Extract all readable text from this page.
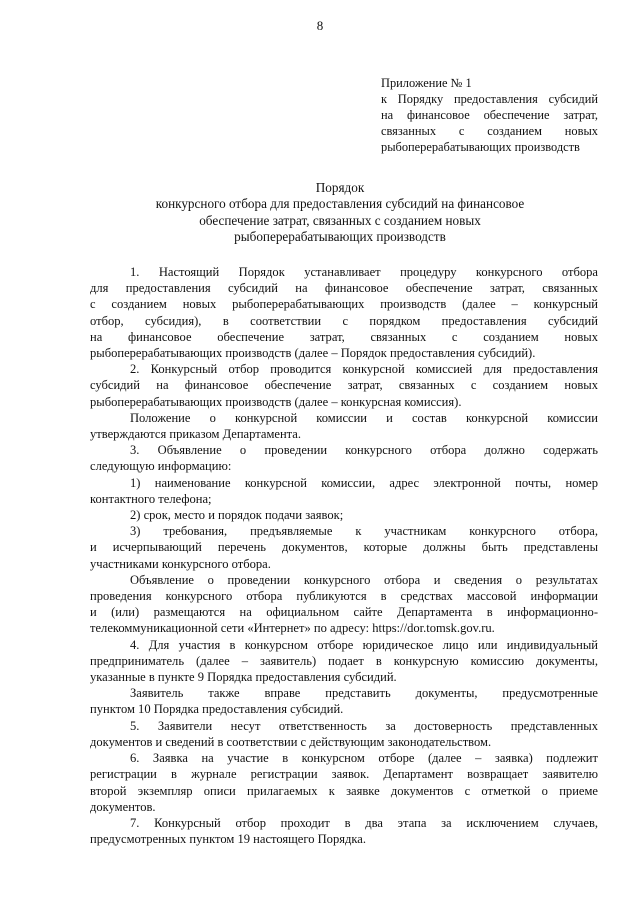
8
Приложение № 1
к Порядку предоставления субсидий
на финансовое обеспечение затрат,
связанных с созданием новых
рыбоперерабатывающих производств
Порядок
конкурсного отбора для предоставления субсидий на финансовое
обеспечение затрат, связанных с созданием новых
рыбоперерабатывающих производств
1. Настоящий Порядок устанавливает процедуру конкурсного отбора
для предоставления субсидий на финансовое обеспечение затрат, связанных
с созданием новых рыбоперерабатывающих производств (далее – конкурсный
отбор, субсидия), в соответствии с порядком предоставления субсидий
на финансовое обеспечение затрат, связанных с созданием новых
рыбоперерабатывающих производств (далее – Порядок предоставления субсидий).
2. Конкурсный отбор проводится конкурсной комиссией для предоставления
субсидий на финансовое обеспечение затрат, связанных с созданием новых
рыбоперерабатывающих производств (далее – конкурсная комиссия).
Положение о конкурсной комиссии и состав конкурсной комиссии
утверждаются приказом Департамента.
3. Объявление о проведении конкурсного отбора должно содержать
следующую информацию:
1) наименование конкурсной комиссии, адрес электронной почты, номер
контактного телефона;
2) срок, место и порядок подачи заявок;
3) требования, предъявляемые к участникам конкурсного отбора,
и исчерпывающий перечень документов, которые должны быть представлены
участниками конкурсного отбора.
Объявление о проведении конкурсного отбора и сведения о результатах
проведения конкурсного отбора публикуются в средствах массовой информации
и (или) размещаются на официальном сайте Департамента в информационно-
телекоммуникационной сети «Интернет» по адресу: https://dor.tomsk.gov.ru.
4. Для участия в конкурсном отборе юридическое лицо или индивидуальный
предприниматель (далее – заявитель) подает в конкурсную комиссию документы,
указанные в пункте 9 Порядка предоставления субсидий.
Заявитель также вправе представить документы, предусмотренные
пунктом 10 Порядка предоставления субсидий.
5. Заявители несут ответственность за достоверность представленных
документов и сведений в соответствии с действующим законодательством.
6. Заявка на участие в конкурсном отборе (далее – заявка) подлежит
регистрации в журнале регистрации заявок. Департамент возвращает заявителю
второй экземпляр описи прилагаемых к заявке документов с отметкой о приеме
документов.
7. Конкурсный отбор проходит в два этапа за исключением случаев,
предусмотренных пунктом 19 настоящего Порядка.
